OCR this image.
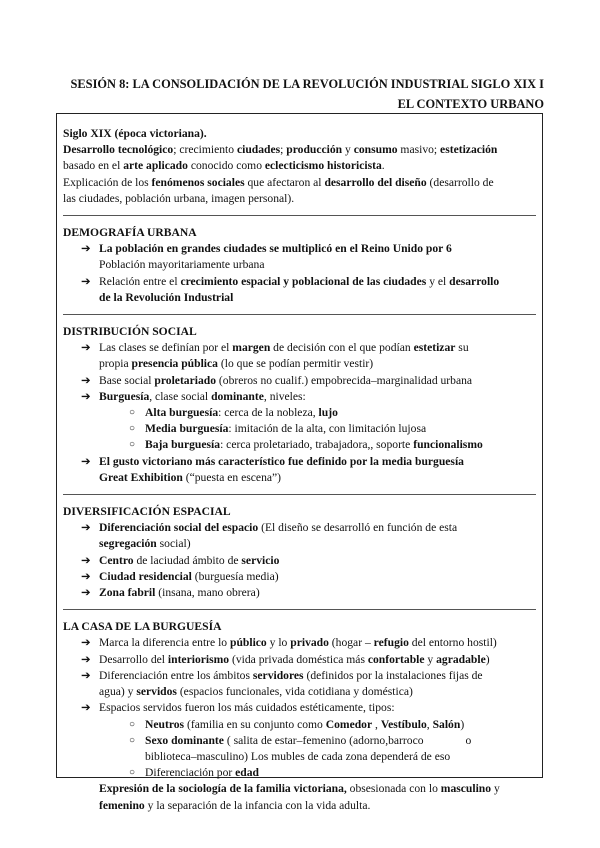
SESIÓN 8: LA CONSOLIDACIÓN DE LA REVOLUCIÓN INDUSTRIAL SIGLO XIX I
EL CONTEXTO URBANO
Siglo XIX (época victoriana).
Desarrollo tecnológico; crecimiento ciudades; producción y consumo masivo; estetización
basado en el arte aplicado conocido como eclecticismo historicista.
Explicación de los fenómenos sociales que afectaron al desarrollo del diseño (desarrollo de
las ciudades, población urbana, imagen personal).
DEMOGRAFÍA URBANA
➔ La población en grandes ciudades se multiplicó en el Reino Unido por 6
Población mayoritariamente urbana
➔ Relación entre el crecimiento espacial y poblacional de las ciudades y el desarrollo
de la Revolución Industrial
DISTRIBUCIÓN SOCIAL
➔ Las clases se definían por el margen de decisión con el que podían estetizar su
propia presencia pública (lo que se podían permitir vestir)
➔ Base social proletariado (obreros no cualif.) empobrecida–marginalidad urbana
➔ Burguesía, clase social dominante, niveles:
○ Alta burguesía: cerca de la nobleza, lujo
○ Media burguesía: imitación de la alta, con limitación lujosa
○ Baja burguesía: cerca proletariado, trabajadora,, soporte funcionalismo
➔ El gusto victoriano más característico fue definido por la media burguesía
Great Exhibition (“puesta en escena”)
DIVERSIFICACIÓN ESPACIAL
➔ Diferenciación social del espacio (El diseño se desarrolló en función de esta
segregación social)
➔ Centro de laciudad ámbito de servicio
➔ Ciudad residencial (burguesía media)
➔ Zona fabril (insana, mano obrera)
LA CASA DE LA BURGUESÍA
➔ Marca la diferencia entre lo público y lo privado (hogar – refugio del entorno hostil)
➔ Desarrollo del interiorismo (vida privada doméstica más confortable y agradable)
➔ Diferenciación entre los ámbitos servidores (definidos por la instalaciones fijas de
agua) y servidos (espacios funcionales, vida cotidiana y doméstica)
➔ Espacios servidos fueron los más cuidados estéticamente, tipos:
○ Neutros (familia en su conjunto como Comedor , Vestíbulo, Salón)
○ Sexo dominante ( salita de estar–femenino (adorno,barroco	o
biblioteca–masculino) Los mubles de cada zona dependerá de eso
○ Diferenciación por edad
Expresión de la sociología de la familia victoriana, obsesionada con lo masculino y
femenino y la separación de la infancia con la vida adulta.
